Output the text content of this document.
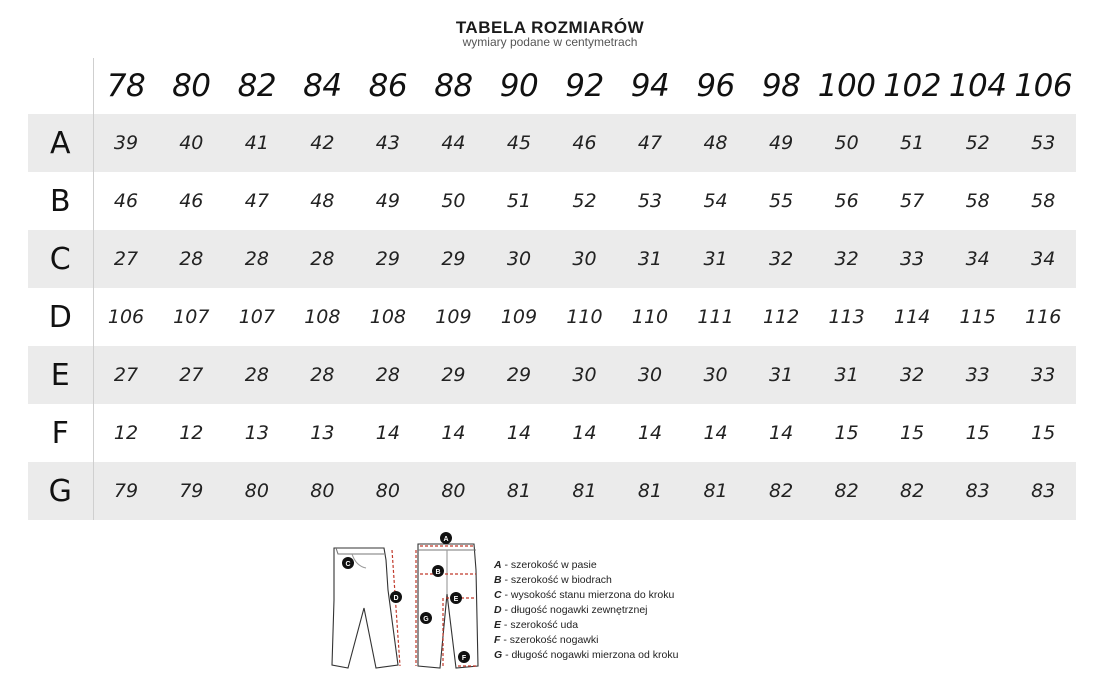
TABELA ROZMIARÓW
wymiary podane w centymetrach
	78	80	82	84	86	88	90	92	94	96	98	100	102	104	106
A	39	40	41	42	43	44	45	46	47	48	49	50	51	52	53
B	46	46	47	48	49	50	51	52	53	54	55	56	57	58	58
C	27	28	28	28	29	29	30	30	31	31	32	32	33	34	34
D	106	107	107	108	108	109	109	110	110	111	112	113	114	115	116
E	27	27	28	28	28	29	29	30	30	30	31	31	32	33	33
F	12	12	13	13	14	14	14	14	14	14	14	15	15	15	15
G	79	79	80	80	80	80	81	81	81	81	82	82	82	83	83
A
B
C
D	E
F
G
A - szerokość w pasie
B - szerokość w biodrach
C - wysokość stanu mierzona do kroku
D - długość nogawki zewnętrznej
E - szerokość uda
F - szerokość nogawki
G - długość nogawki mierzona od kroku
